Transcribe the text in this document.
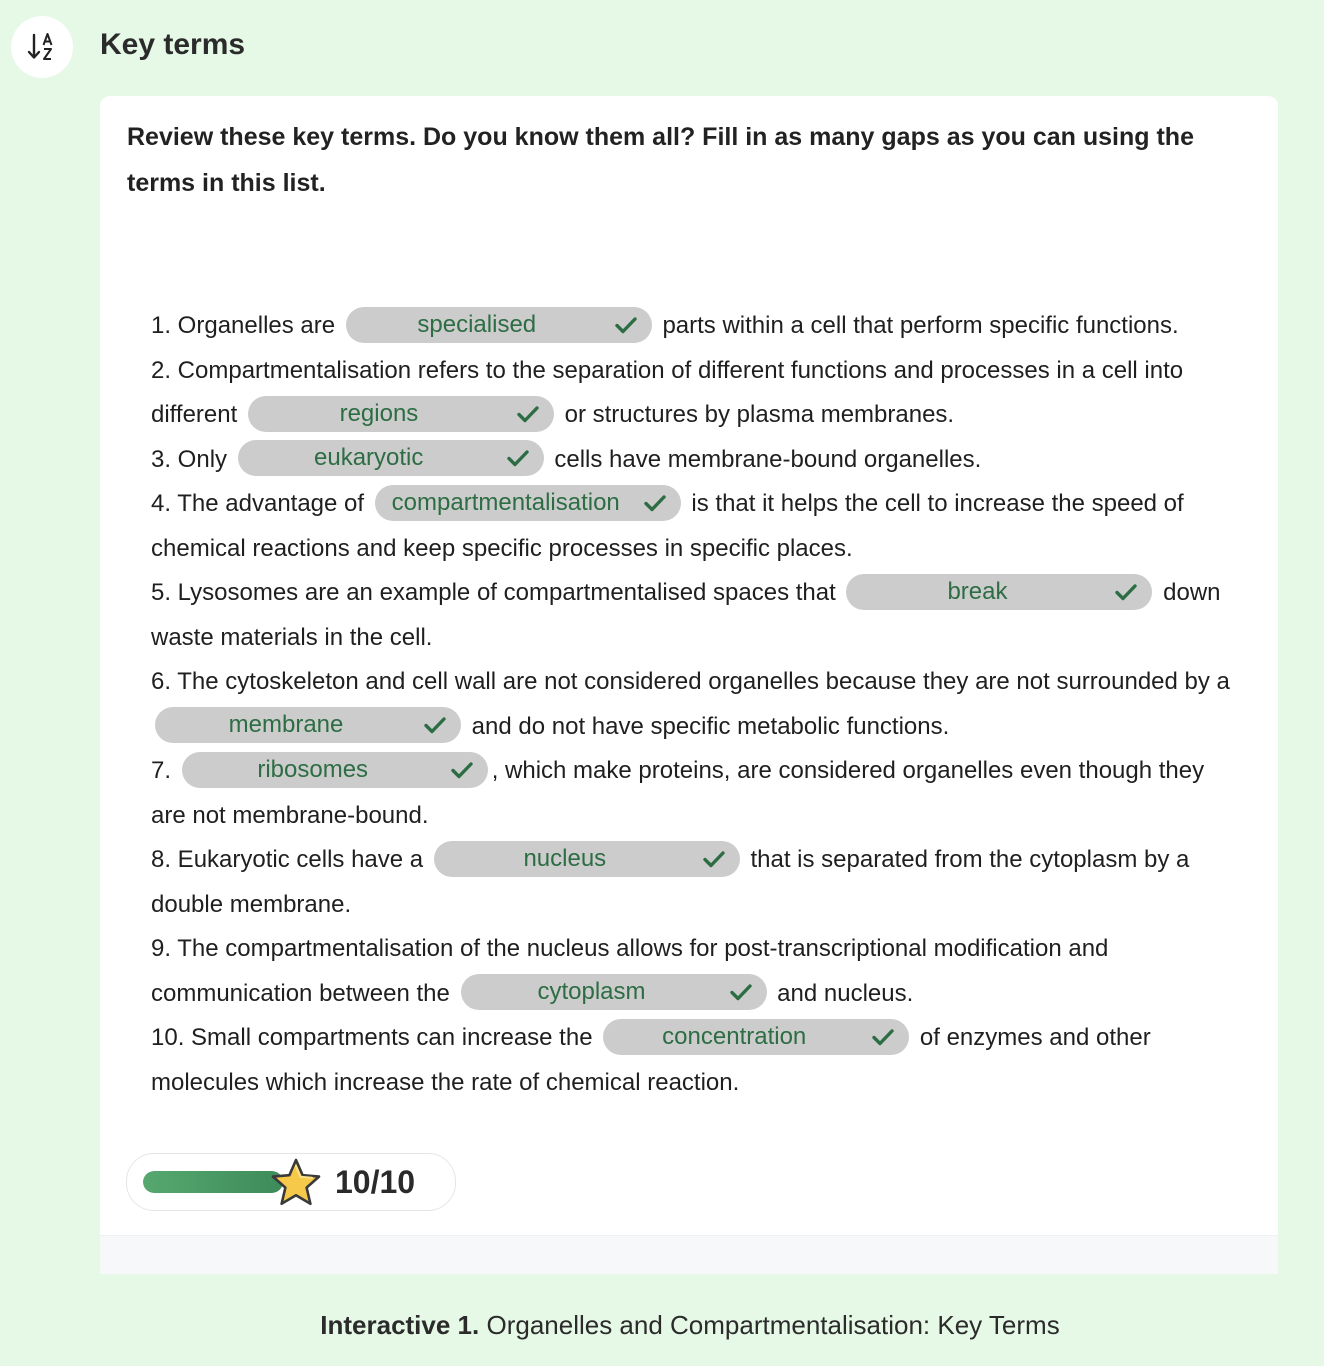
Key terms
Review these key terms. Do you know them all? Fill in as many gaps as you can using the terms in this list.
1. Organelles are	specialised	parts within a cell that perform specific functions.
2. Compartmentalisation refers to the separation of different functions and processes in a cell into different	regions	or structures by plasma membranes.
3. Only	eukaryotic	cells have membrane-bound organelles.
4. The advantage of compartmentalisation	is that it helps the cell to increase the speed of chemical reactions and keep specific processes in specific places.
5. Lysosomes are an example of compartmentalised spaces that	break	down waste materials in the cell.
6. The cytoskeleton and cell wall are not considered organelles because they are not surrounded by a membrane	and do not have specific metabolic functions.
7.	ribosomes	, which make proteins, are considered organelles even though they are not membrane-bound.
8. Eukaryotic cells have a	nucleus	that is separated from the cytoplasm by a double membrane.
9. The compartmentalisation of the nucleus allows for post-transcriptional modification and communication between the	cytoplasm	and nucleus.
10. Small compartments can increase the	concentration	of enzymes and other molecules which increase the rate of chemical reaction.
10/10
Interactive 1. Organelles and Compartmentalisation: Key Terms
